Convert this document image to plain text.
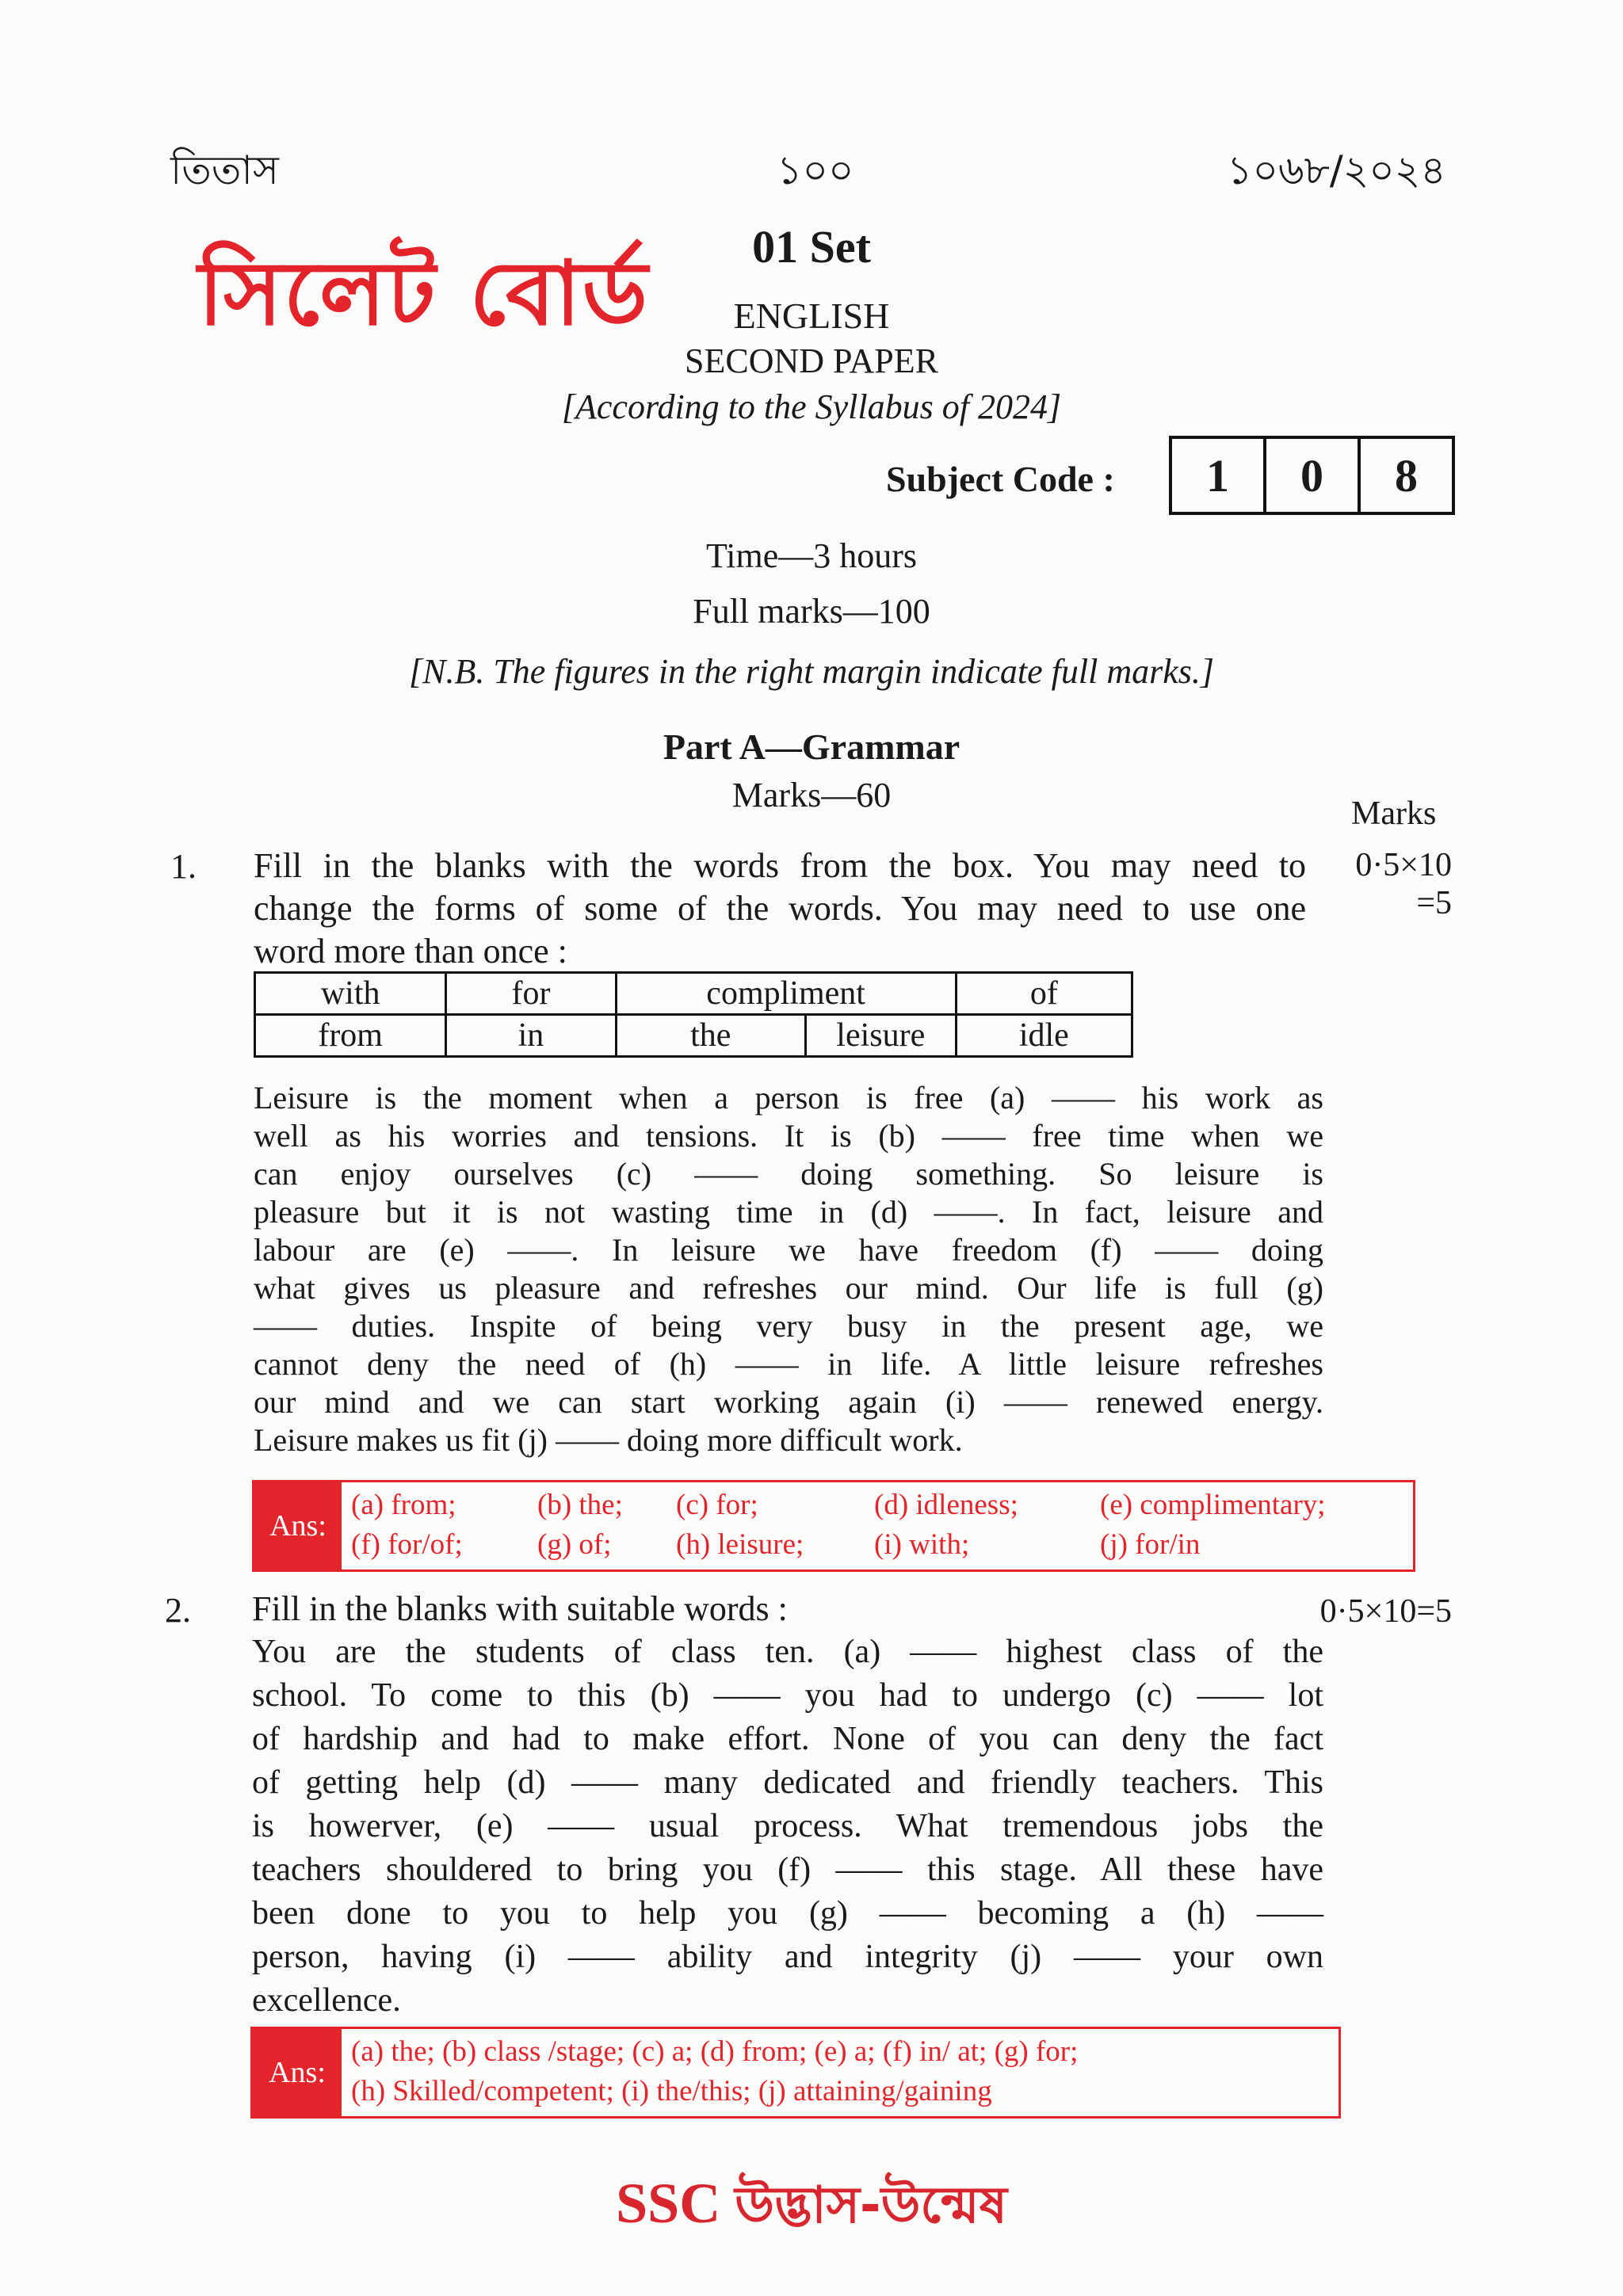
তিতাস	১০০	১০৬৮/২০২৪
সিলেট বোর্ড	01 Set
ENGLISH
SECOND PAPER
[According to the Syllabus of 2024]
Subject Code :	1	0	8
Time—3 hours
Full marks—100
[N.B. The figures in the right margin indicate full marks.]
Part A—Grammar
Marks—60	Marks
1. Fill in the blanks with the words from the box. You may need to
change the forms of some of the words. You may need to use one
word more than once :
0·5×10
=5
with	for	compliment		of
from	in	the	leisure	idle
Leisure is the moment when a person is free (a) —— his work as
well as his worries and tensions. It is (b) —— free time when we
can enjoy ourselves (c) —— doing something. So leisure is
pleasure but it is not wasting time in (d) ——. In fact, leisure and
labour are (e) ——. In leisure we have freedom (f) —— doing
what gives us pleasure and refreshes our mind. Our life is full (g)
—— duties. Inspite of being very busy in the present age, we
cannot deny the need of (h) —— in life. A little leisure refreshes
our mind and we can start working again (i) —— renewed energy.
Leisure makes us fit (j) —— doing more difficult work.
Ans:
(a) from;	(b) the;	(c) for;	(d) idleness;	(e) complimentary;
(f) for/of;	(g) of;	(h) leisure;	(i) with;	(j) for/in
2. Fill in the blanks with suitable words :	0·5×10=5
You are the students of class ten. (a) —— highest class of the
school. To come to this (b) —— you had to undergo (c) —— lot
of hardship and had to make effort. None of you can deny the fact
of getting help (d) —— many dedicated and friendly teachers. This
is howerver, (e) —— usual process. What tremendous jobs the
teachers shouldered to bring you (f) —— this stage. All these have
been done to you to help you (g) —— becoming a (h) ——
person, having (i) —— ability and integrity (j) —— your own
excellence.
Ans:
(a) the; (b) class /stage; (c) a; (d) from; (e) a; (f) in/ at; (g) for;
(h) Skilled/competent; (i) the/this; (j) attaining/gaining
SSC উদ্ভাস-উন্মেষ
